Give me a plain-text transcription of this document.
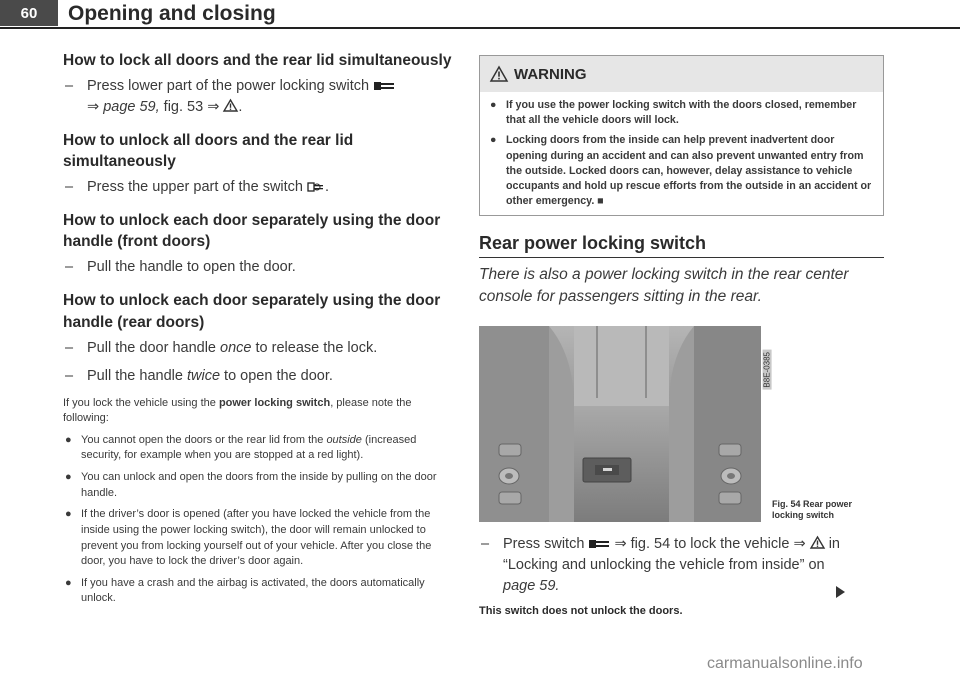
60 Opening and closing
How to lock all doors and the rear lid simultaneously
– Press lower part of the power locking switch
⇒ page 59, fig. 53 ⇒ .
How to unlock all doors and the rear lid simultaneously
– Press the upper part of the switch .
How to unlock each door separately using the door handle (front doors)
– Pull the handle to open the door.
How to unlock each door separately using the door handle (rear doors)
– Pull the door handle once to release the lock.
– Pull the handle twice to open the door.
If you lock the vehicle using the power locking switch, please note the following:
● You cannot open the doors or the rear lid from the outside (increased security, for example when you are stopped at a red light).
● You can unlock and open the doors from the inside by pulling on the door handle.
● If the driver’s door is opened (after you have locked the vehicle from the inside using the power locking switch), the door will remain unlocked to prevent you from locking yourself out of your vehicle. After you close the door, you have to lock the driver’s door again.
● If you have a crash and the airbag is activated, the doors automatically unlock.
WARNING
● If you use the power locking switch with the doors closed, remember that all the vehicle doors will lock.
● Locking doors from the inside can help prevent inadvertent door opening during an accident and can also prevent unwanted entry from the outside. Locked doors can, however, delay assistance to vehicle occupants and hold up rescue efforts from the outside in an accident or other emergency. ■
Rear power locking switch
There is also a power locking switch in the rear center console for passengers sitting in the rear.
B8E-0385
Fig. 54 Rear power
locking switch
– Press switch  ⇒ fig. 54 to lock the vehicle ⇒  in
“Locking and unlocking the vehicle from inside” on
page 59.
This switch does not unlock the doors.
carmanualsonline.info
